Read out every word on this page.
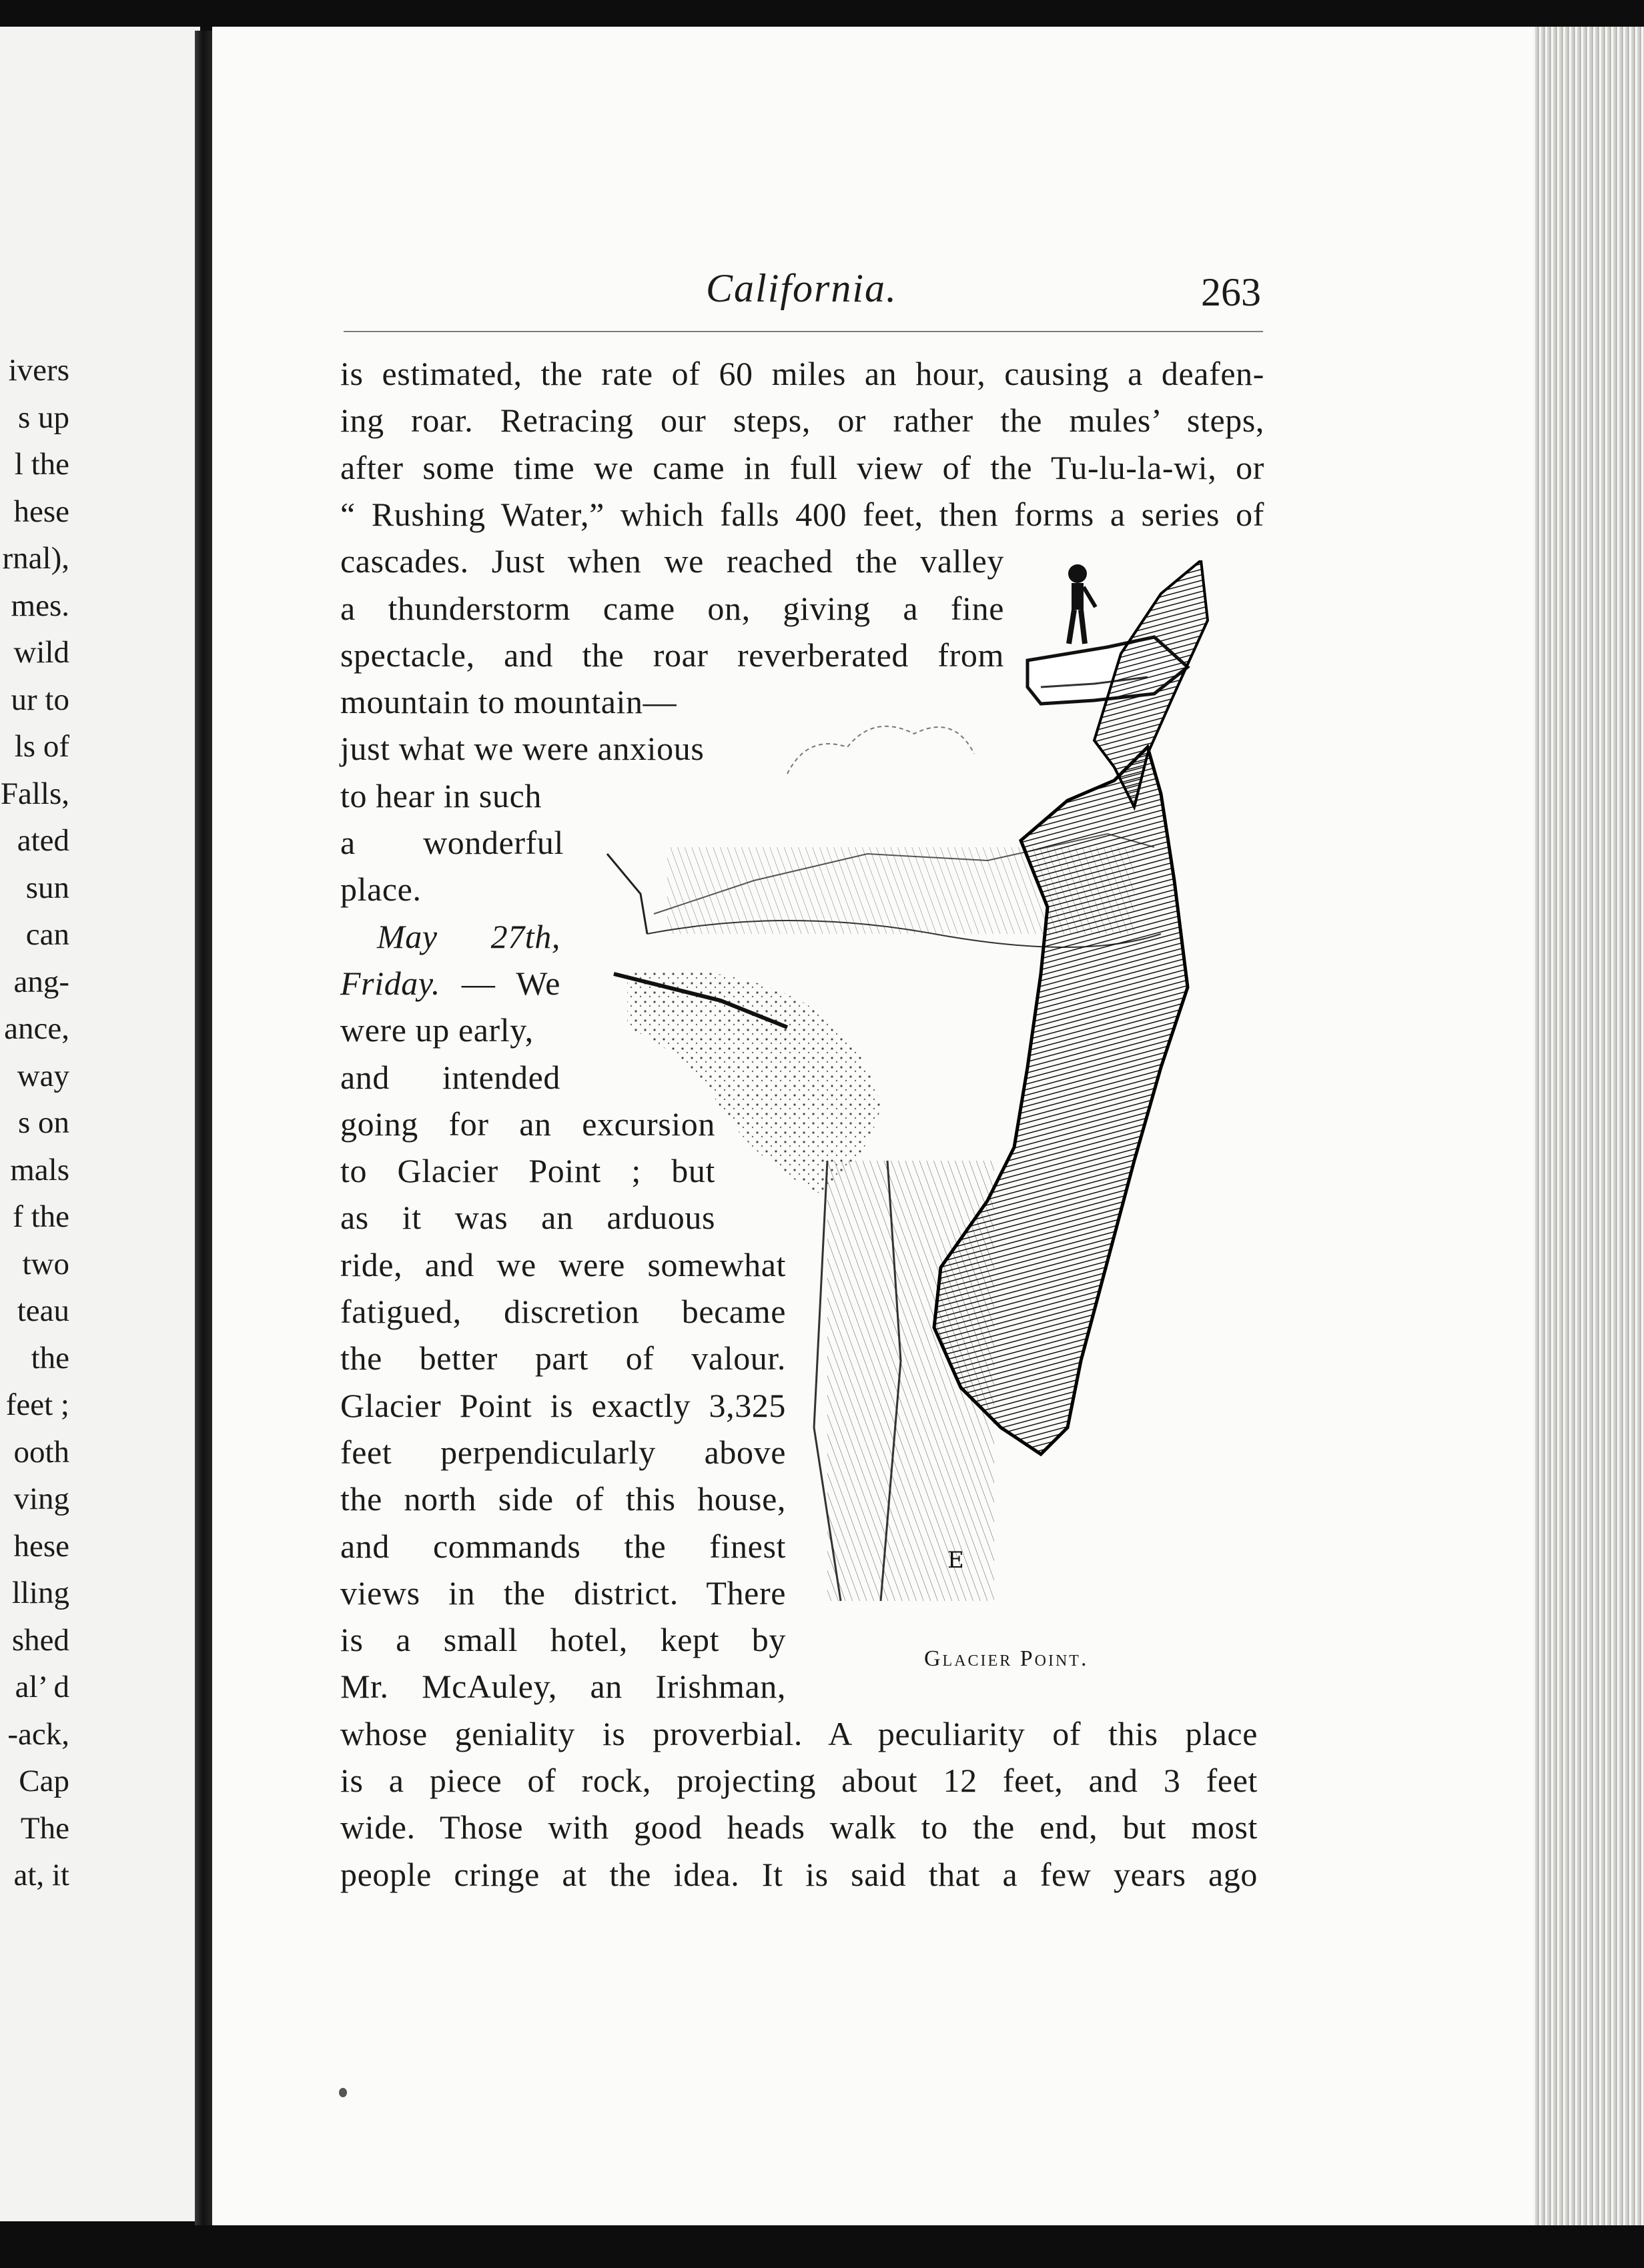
ivers
s up
l the
hese
rnal),
mes.
wild
ur to
ls of
Falls,
ated
sun
can
ang-
ance,
way
s on
mals
f the
two
teau
the
feet ;
ooth
ving
hese
lling
shed
al’ d
-ack,
Cap
The
at, it
California.	263
is estimated, the rate of 60 miles an hour, causing a deafen-
ing roar. Retracing our steps, or rather the mules’ steps,
after some time we came in full view of the Tu-lu-la-wi, or
“ Rushing Water,” which falls 400 feet, then forms a series of
cascades. Just when we reached the valley
a thunderstorm came on, giving a fine
spectacle, and the roar reverberated from
mountain to mountain—
just what we were anxious
to hear in such
a wonderful
place.
May 27th,
Friday. — We
were up early,
and intended
going for an excursion
to Glacier Point ; but
as it was an arduous
ride, and we were somewhat
fatigued, discretion became
the better part of valour.
Glacier Point is exactly 3,325
feet perpendicularly above
the north side of this house,
and commands the finest
views in the district. There
is a small hotel, kept by
Mr. McAuley, an Irishman,
whose geniality is proverbial. A peculiarity of this place
is a piece of rock, projecting about 12 feet, and 3 feet
wide. Those with good heads walk to the end, but most
people cringe at the idea. It is said that a few years ago
E
Glacier Point.
